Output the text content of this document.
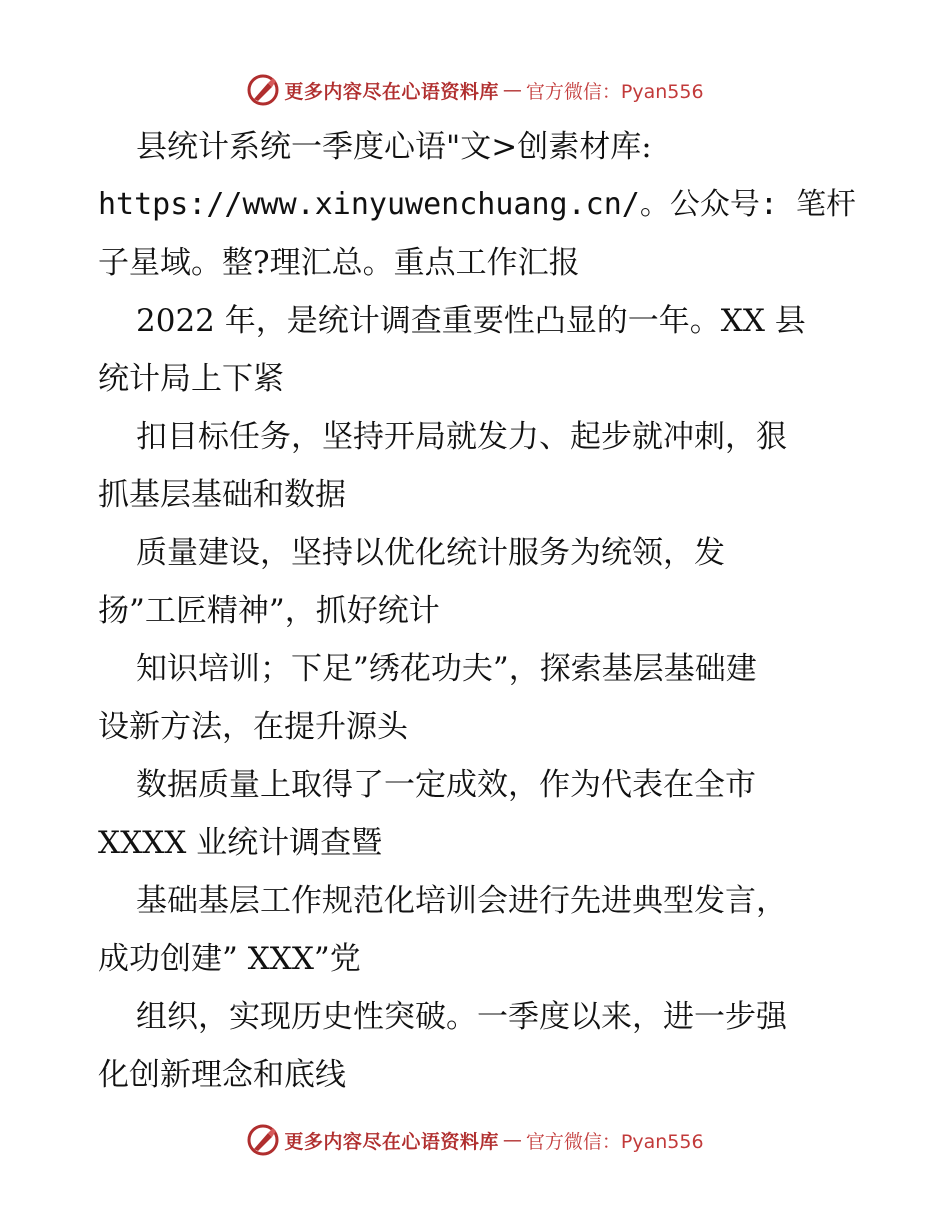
更多内容尽在心语资料库 — 官方微信：Pyan556
县统计系统一季度心语"文>创素材库:
https://www.xinyuwenchuang.cn/。公众号: 笔杆
子星域。整?理汇总。重点工作汇报
2022 年，是统计调查重要性凸显的一年。XX 县
统计局上下紧
扣目标任务，坚持开局就发力、起步就冲刺，狠
抓基层基础和数据
质量建设，坚持以优化统计服务为统领，发
扬”工匠精神”，抓好统计
知识培训；下足”绣花功夫”，探索基层基础建
设新方法，在提升源头
数据质量上取得了一定成效，作为代表在全市
XXXX 业统计调查暨
基础基层工作规范化培训会进行先进典型发言，
成功创建” XXX”党
组织，实现历史性突破。一季度以来，进一步强
化创新理念和底线
更多内容尽在心语资料库 — 官方微信：Pyan556
